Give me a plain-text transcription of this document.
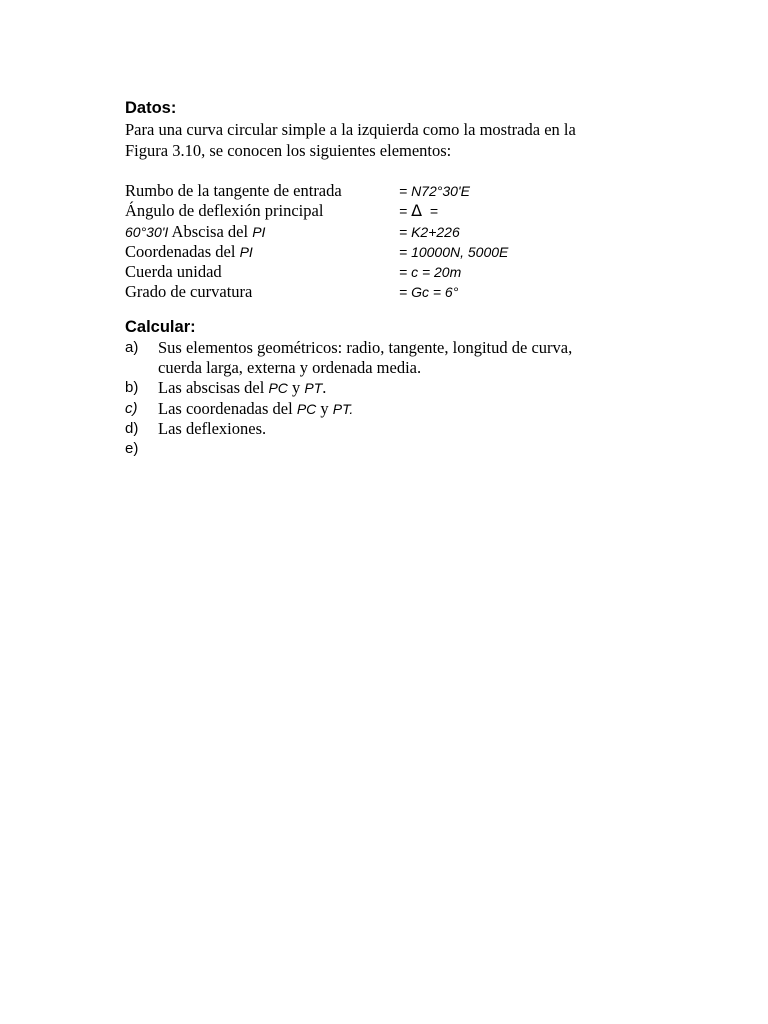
Datos:

Para una curva circular simple a la izquierda como la mostrada en la

Figura 3.10, se conocen los siguientes elementos:

Rumbo de la tangente de entrada	= N72°30'E
Ángulo de deflexión principal	= Δ  =
60°30'I Abscisa del PI	= K2+226
Coordenadas del PI	= 10000N, 5000E
Cuerda unidad	= c = 20m
Grado de curvatura	= Gc = 6°
Calcular:
a)	Sus elementos geométricos: radio, tangente, longitud de curva,
cuerda larga, externa y ordenada media.
b)	Las abscisas del PC y PT.
c)	Las coordenadas del PC y PT.
d)	Las deflexiones.
e)
